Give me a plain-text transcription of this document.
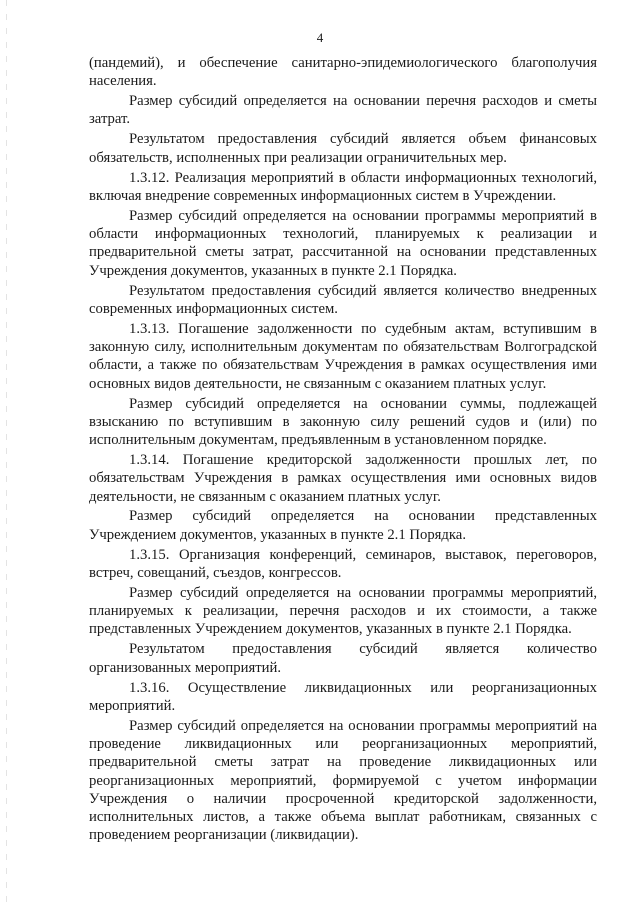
4

(пандемий), и обеспечение санитарно-эпидемиологического благополучия населения.

Размер субсидий определяется на основании перечня расходов и сметы затрат.

Результатом предоставления субсидий является объем финансовых обязательств, исполненных при реализации ограничительных мер.

1.3.12. Реализация мероприятий в области информационных технологий, включая внедрение современных информационных систем в Учреждении.

Размер субсидий определяется на основании программы мероприятий в области информационных технологий, планируемых к реализации и предварительной сметы затрат, рассчитанной на основании представленных Учреждения документов, указанных в пункте 2.1 Порядка.

Результатом предоставления субсидий является количество внедренных современных информационных систем.

1.3.13. Погашение задолженности по судебным актам, вступившим в законную силу, исполнительным документам по обязательствам Волгоградской области, а также по обязательствам Учреждения в рамках осуществления ими основных видов деятельности, не связанным с оказанием платных услуг.

Размер субсидий определяется на основании суммы, подлежащей взысканию по вступившим в законную силу решений судов и (или) по исполнительным документам, предъявленным в установленном порядке.

1.3.14. Погашение кредиторской задолженности прошлых лет, по обязательствам Учреждения в рамках осуществления ими основных видов деятельности, не связанным с оказанием платных услуг.

Размер субсидий определяется на основании представленных Учреждением документов, указанных в пункте 2.1 Порядка.

1.3.15. Организация конференций, семинаров, выставок, переговоров, встреч, совещаний, съездов, конгрессов.

Размер субсидий определяется на основании программы мероприятий, планируемых к реализации, перечня расходов и их стоимости, а также представленных Учреждением документов, указанных в пункте 2.1 Порядка.

Результатом предоставления субсидий является количество организованных мероприятий.

1.3.16. Осуществление ликвидационных или реорганизационных мероприятий.

Размер субсидий определяется на основании программы мероприятий на проведение ликвидационных или реорганизационных мероприятий, предварительной сметы затрат на проведение ликвидационных или реорганизационных мероприятий, формируемой с учетом информации Учреждения о наличии просроченной кредиторской задолженности, исполнительных листов, а также объема выплат работникам, связанных с проведением реорганизации (ликвидации).
